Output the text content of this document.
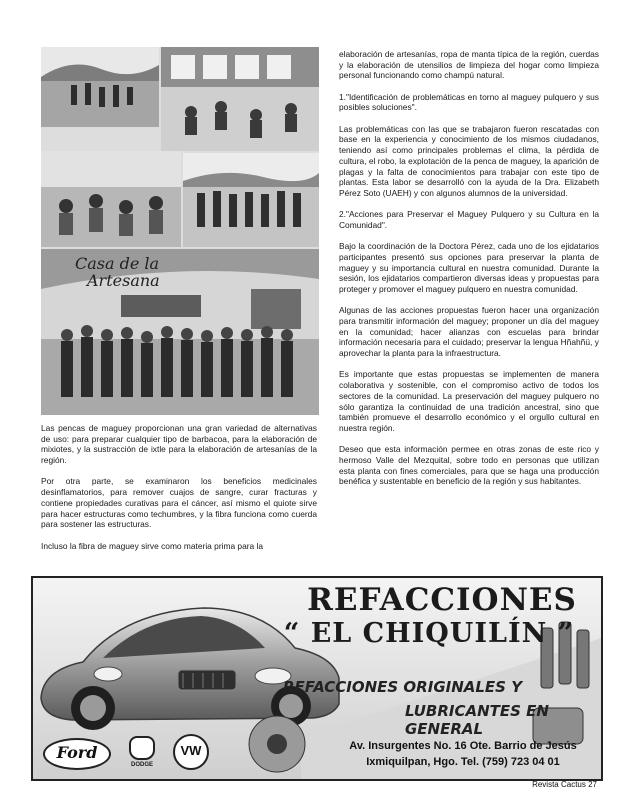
Casa de la
Artesana

Las pencas de maguey proporcionan una gran variedad de alternativas de uso: para preparar cualquier tipo de barbacoa, para la elaboración de mixiotes, y la sustracción de ixtle para la elaboración de artesanías de la región.

Por otra parte, se examinaron los beneficios medicinales desinflamatorios, para remover cuajos de sangre, curar fracturas y contiene propiedades curativas para el cáncer, así mismo el quiote sirve para hacer estructuras como techumbres, y la fibra funciona como cuerda para sostener las estructuras.

Incluso la fibra de maguey sirve como materia prima para la

elaboración de artesanías, ropa de manta típica de la región, cuerdas y la elaboración de utensilios de limpieza del hogar como limpieza personal funcionando como champú natural.

1."Identificación de problemáticas en torno al maguey pulquero y sus posibles soluciones".

Las problemáticas con las que se trabajaron fueron rescatadas con base en la experiencia y conocimiento de los mismos ciudadanos, teniendo así como principales problemas el clima, la pérdida de cultura, el robo, la explotación de la penca de maguey, la aparición de plagas y la falta de conocimientos para trabajar con este tipo de plantas. Esta labor se desarrolló con la ayuda de la Dra. Elizabeth Pérez Soto (UAEH) y con algunos alumnos de la universidad.

2."Acciones para Preservar el Maguey Pulquero y su Cultura en la Comunidad".

Bajo la coordinación de la Doctora Pérez, cada uno de los ejidatarios participantes presentó sus opciones para preservar la planta de maguey y su importancia cultural en nuestra comunidad. Durante la sesión, los ejidatarios compartieron diversas ideas y propuestas para proteger y promover el maguey pulquero en nuestra comunidad.

Algunas de las acciones propuestas fueron hacer una organización para transmitir información del maguey; proponer un día del maguey en la comunidad; hacer alianzas con escuelas para brindar información necesaria para el cuidado; preservar la lengua Hñahñü, y aprovechar la planta para la infraestructura.

Es importante que estas propuestas se implementen de manera colaborativa y sostenible, con el compromiso activo de todos los sectores de la comunidad. La preservación del maguey pulquero no sólo garantiza la continuidad de una tradición ancestral, sino que también promueve el desarrollo económico y el orgullo cultural en nuestra región.

Deseo que esta información permee en otras zonas de este rico y hermoso Valle del Mezquital, sobre todo en personas que utilizan esta planta con fines comerciales, para que se haga una producción benéfica y sustentable en beneficio de la región y sus habitantes.

REFACCIONES
“ EL CHIQUILÍN ”
REFACCIONES ORIGINALES Y
LUBRICANTES EN GENERAL
Av. Insurgentes No. 16 Ote. Barrio de Jesús
Ixmiquilpan, Hgo. Tel. (759) 723 04 01
Ford
DODGE
VW
Revista Cactus 27
